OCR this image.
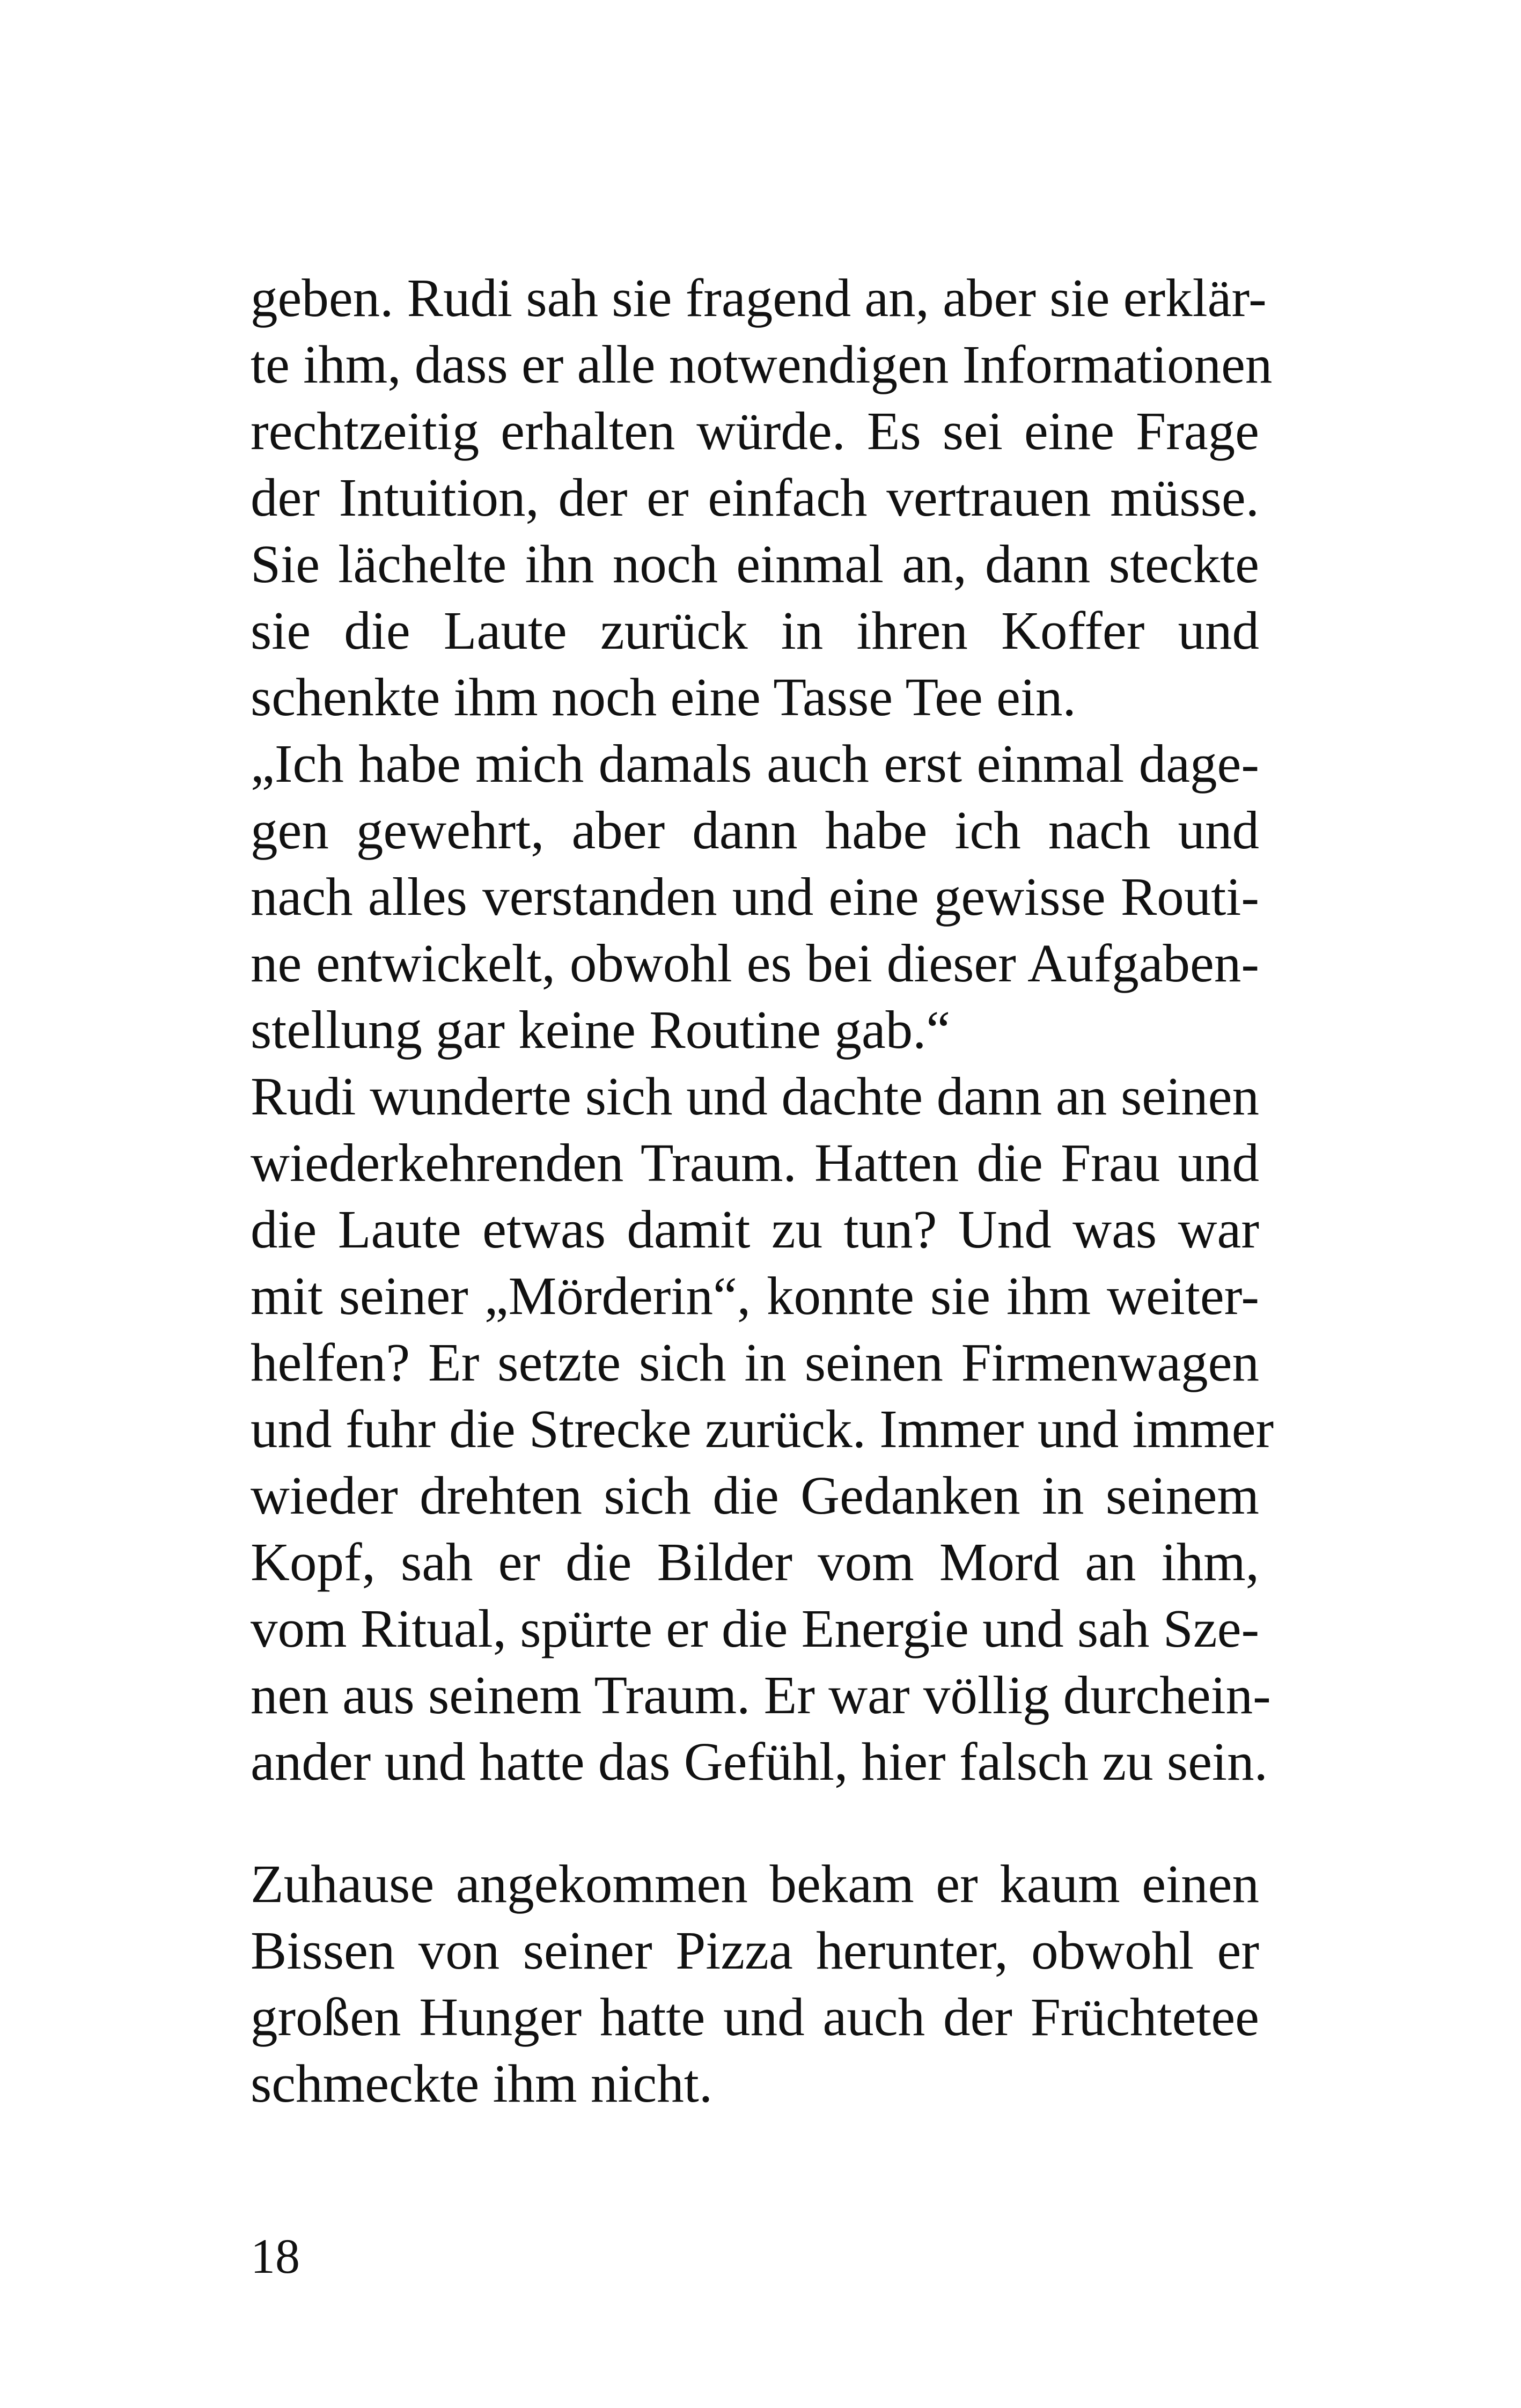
geben. Rudi sah sie fragend an, aber sie erklär-
te ihm, dass er alle notwendigen Informationen
rechtzeitig erhalten würde. Es sei eine Frage
der Intuition, der er einfach vertrauen müsse.
Sie lächelte ihn noch einmal an, dann steckte
sie die Laute zurück in ihren Koffer und
schenkte ihm noch eine Tasse Tee ein.
„Ich habe mich damals auch erst einmal dage-
gen gewehrt, aber dann habe ich nach und
nach alles verstanden und eine gewisse Routi-
ne entwickelt, obwohl es bei dieser Aufgaben-
stellung gar keine Routine gab.“
Rudi wunderte sich und dachte dann an seinen
wiederkehrenden Traum. Hatten die Frau und
die Laute etwas damit zu tun? Und was war
mit seiner „Mörderin“, konnte sie ihm weiter-
helfen? Er setzte sich in seinen Firmenwagen
und fuhr die Strecke zurück. Immer und immer
wieder drehten sich die Gedanken in seinem
Kopf, sah er die Bilder vom Mord an ihm,
vom Ritual, spürte er die Energie und sah Sze-
nen aus seinem Traum. Er war völlig durchein-
ander und hatte das Gefühl, hier falsch zu sein.
Zuhause angekommen bekam er kaum einen
Bissen von seiner Pizza herunter, obwohl er
großen Hunger hatte und auch der Früchtetee
schmeckte ihm nicht.
18
